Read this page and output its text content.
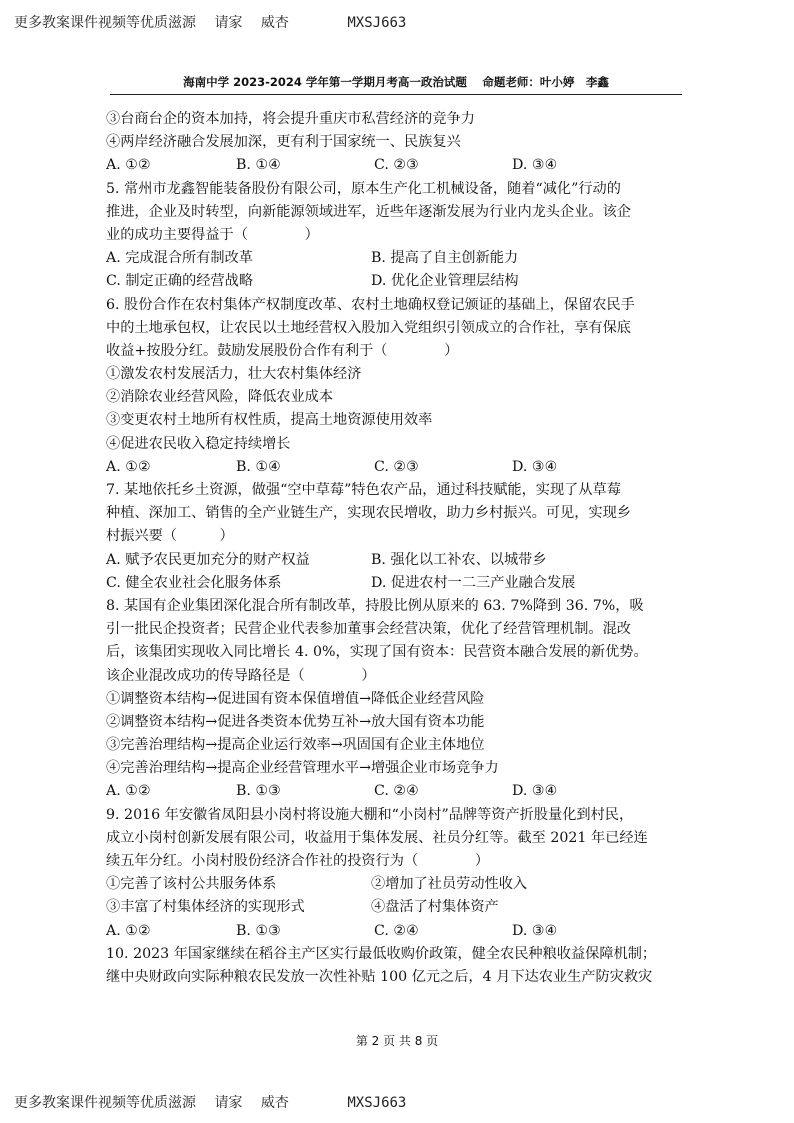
更多教案课件视频等优质滋源 请家 威杏	MXSJ663
海南中学 2023-2024 学年第一学期月考高一政治试题　 命题老师：叶小婷　李鑫
③台商台企的资本加持，将会提升重庆市私营经济的竞争力
④两岸经济融合发展加深，更有利于国家统一、民族复兴
A. ①②	B. ①④	C. ②③	D. ③④
5. 常州市龙鑫智能装备股份有限公司，原本生产化工机械设备，随着“减化”行动的
推进，企业及时转型，向新能源领域进军，近些年逐渐发展为行业内龙头企业。该企
业的成功主要得益于（　　　　）
A. 完成混合所有制改革	B. 提高了自主创新能力
C. 制定正确的经营战略	D. 优化企业管理层结构
6. 股份合作在农村集体产权制度改革、农村土地确权登记颁证的基础上，保留农民手
中的土地承包权，让农民以土地经营权入股加入党组织引领成立的合作社，享有保底
收益+按股分红。鼓励发展股份合作有利于（　　　　）
①激发农村发展活力，壮大农村集体经济
②消除农业经营风险，降低农业成本
③变更农村土地所有权性质，提高土地资源使用效率
④促进农民收入稳定持续增长
A. ①②	B. ①④	C. ②③	D. ③④
7. 某地依托乡土资源，做强“空中草莓”特色农产品，通过科技赋能，实现了从草莓
种植、深加工、销售的全产业链生产，实现农民增收，助力乡村振兴。可见，实现乡
村振兴要（　　　）
A. 赋予农民更加充分的财产权益	B. 强化以工补农、以城带乡
C. 健全农业社会化服务体系	D. 促进农村一二三产业融合发展
8. 某国有企业集团深化混合所有制改革，持股比例从原来的 63. 7%降到 36. 7%，吸
引一批民企投资者；民营企业代表参加董事会经营决策，优化了经营管理机制。混改
后，该集团实现收入同比增长 4. 0%，实现了国有资本：民营资本融合发展的新优势。
该企业混改成功的传导路径是（　　　　）
①调整资本结构→促进国有资本保值增值→降低企业经营风险
②调整资本结构→促进各类资本优势互补→放大国有资本功能
③完善治理结构→提高企业运行效率→巩固国有企业主体地位
④完善治理结构→提高企业经营管理水平→增强企业市场竞争力
A. ①②	B. ①③	C. ②④	D. ③④
9. 2016 年安徽省凤阳县小岗村将设施大棚和“小岗村”品牌等资产折股量化到村民，
成立小岗村创新发展有限公司，收益用于集体发展、社员分红等。截至 2021 年已经连
续五年分红。小岗村股份经济合作社的投资行为（　　　　）
①完善了该村公共服务体系	②增加了社员劳动性收入
③丰富了村集体经济的实现形式	④盘活了村集体资产
A. ①②	B. ①③	C. ②④	D. ③④
10. 2023 年国家继续在稻谷主产区实行最低收购价政策，健全农民种粮收益保障机制；
继中央财政向实际种粮农民发放一次性补贴 100 亿元之后，4 月下达农业生产防灾救灾
第 2 页 共 8 页
更多教案课件视频等优质滋源 请家 威杏	MXSJ663
